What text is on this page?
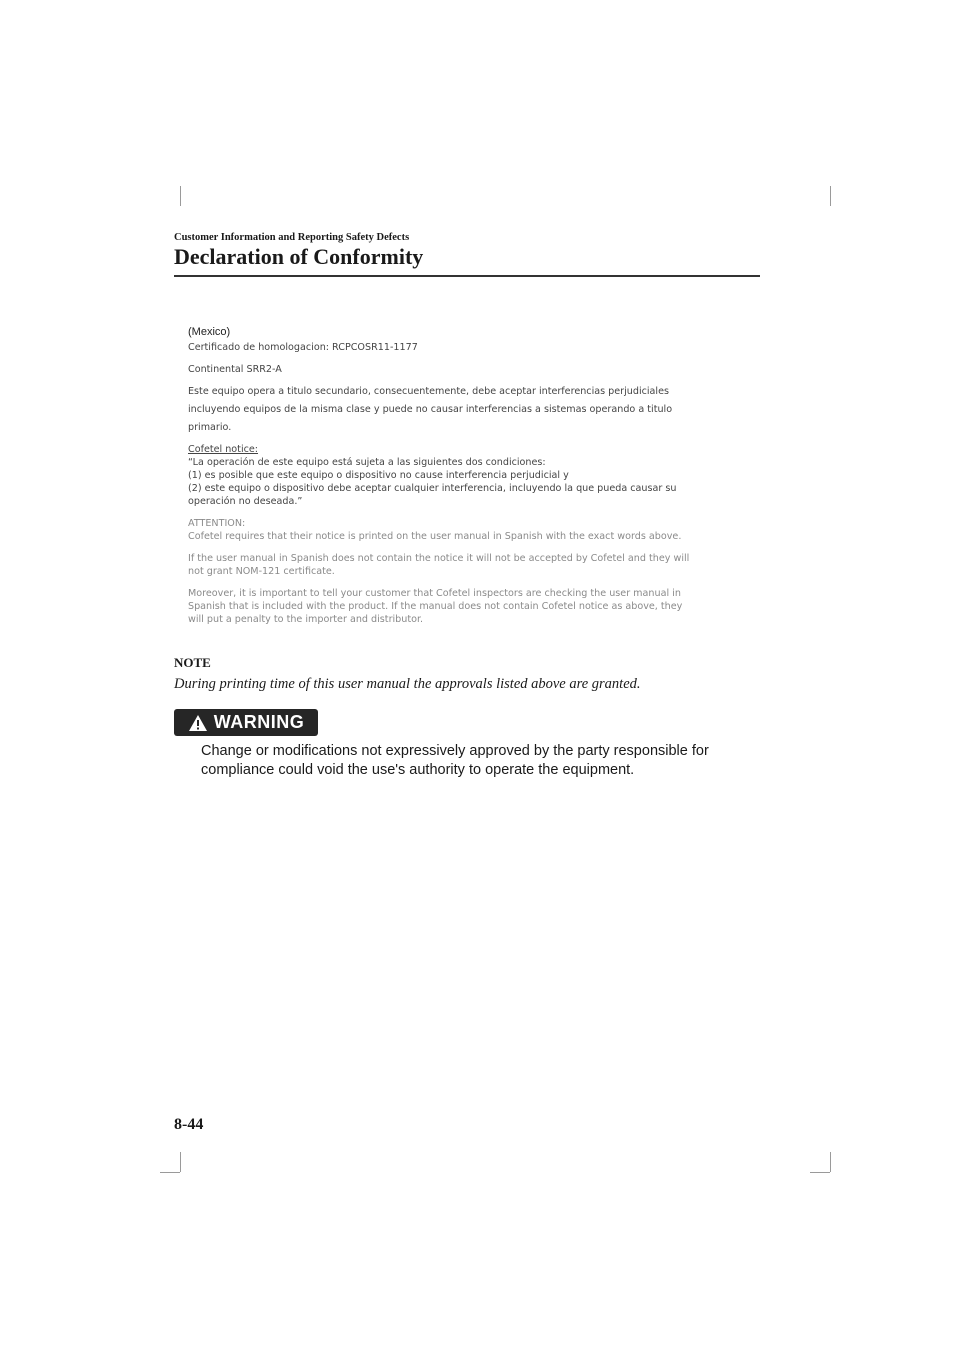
Customer Information and Reporting Safety Defects
Declaration of Conformity

(Mexico)

Certificado de homologacion: RCPCOSR11-1177

Continental SRR2-A

Este equipo opera a titulo secundario, consecuentemente, debe aceptar interferencias perjudiciales

incluyendo equipos de la misma clase y puede no causar interferencias a sistemas operando a titulo

primario.

Cofetel notice:

“La operación de este equipo está sujeta a las siguientes dos condiciones:

(1) es posible que este equipo o dispositivo no cause interferencia perjudicial y

(2) este equipo o dispositivo debe aceptar cualquier interferencia, incluyendo la que pueda causar su

operación no deseada.”

ATTENTION:

Cofetel requires that their notice is printed on the user manual in Spanish with the exact words above.

If the user manual in Spanish does not contain the notice it will not be accepted by Cofetel and they will

not grant NOM-121 certificate.

Moreover, it is important to tell your customer that Cofetel inspectors are checking the user manual in

Spanish that is included with the product. If the manual does not contain Cofetel notice as above, they

will put a penalty to the importer and distributor.

NOTE
During printing time of this user manual the approvals listed above are granted.
WARNING
Change or modifications not expressively approved by the party responsible for
compliance could void the use's authority to operate the equipment.
8-44
